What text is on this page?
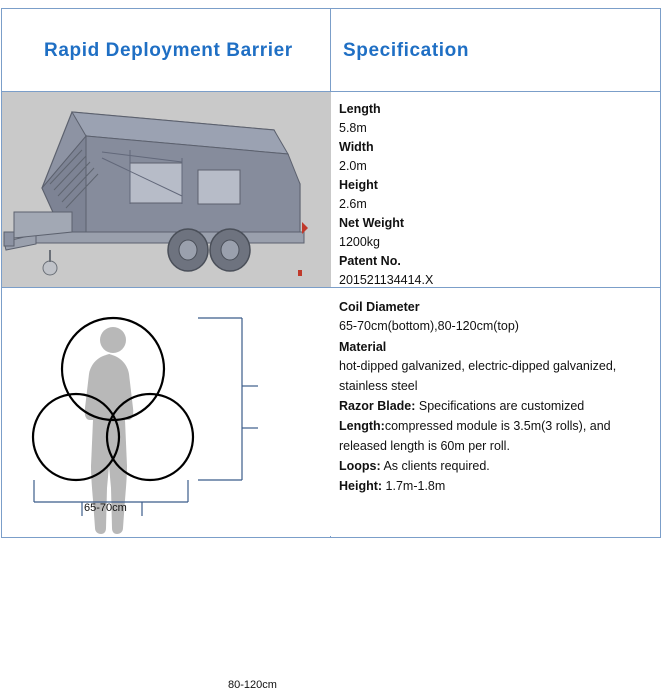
Rapid Deployment Barrier	Specification
Length
5.8m
Width
2.0m
Height
2.6m
Net Weight
1200kg
Patent No.
201521134414.X
80-120cm
65-70cm
Coil Diameter
65-70cm(bottom),80-120cm(top)
Material
hot-dipped galvanized, electric-dipped galvanized, stainless steel
Razor Blade: Specifications are customized
Length:compressed module is 3.5m(3 rolls), and released length is 60m per roll.
Loops: As clients required.
Height: 1.7m-1.8m
